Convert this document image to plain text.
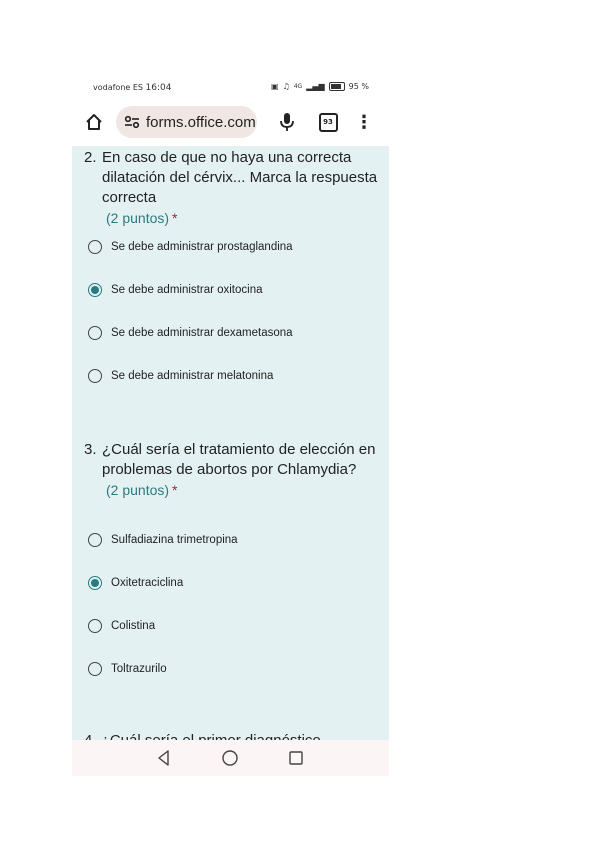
vodafone ES 16:04	▣ ♫ 4G ▂▄▆	95 %
forms.office.com	93 ⋮
2. En caso de que no haya una correcta dilatación del cérvix... Marca la respuesta correcta
(2 puntos) *
Se debe administrar prostaglandina
Se debe administrar oxitocina
Se debe administrar dexametasona
Se debe administrar melatonina
3. ¿Cuál sería el tratamiento de elección en problemas de abortos por Chlamydia?
(2 puntos) *
Sulfadiazina trimetropina
Oxitetraciclina
Colistina
Toltrazurilo
